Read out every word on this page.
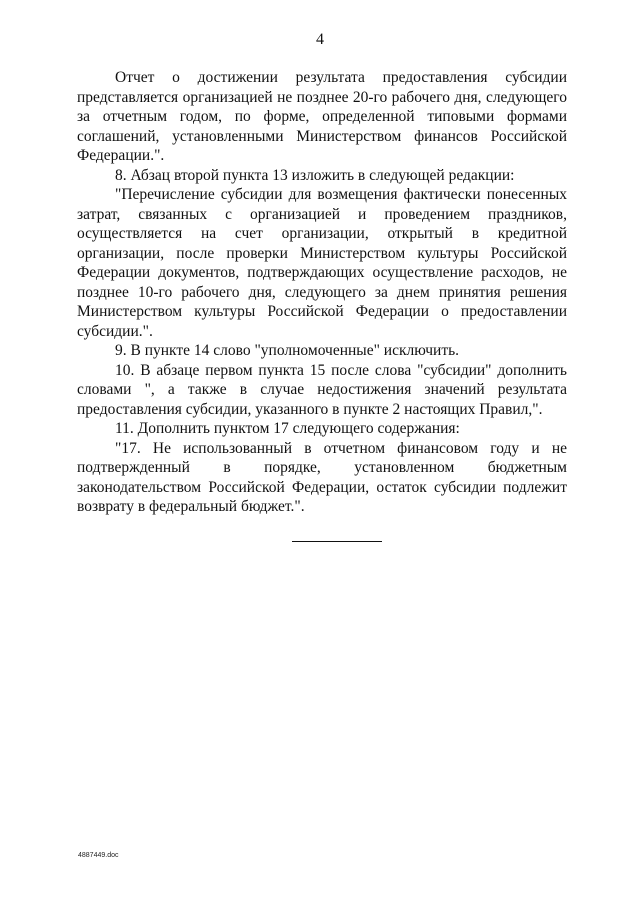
4

Отчет о достижении результата предоставления субсидии представляется организацией не позднее 20-го рабочего дня, следующего за отчетным годом, по форме, определенной типовыми формами соглашений, установленными Министерством финансов Российской Федерации.".

8. Абзац второй пункта 13 изложить в следующей редакции:

"Перечисление субсидии для возмещения фактически понесенных затрат, связанных с организацией и проведением праздников, осуществляется на счет организации, открытый в кредитной организации, после проверки Министерством культуры Российской Федерации документов, подтверждающих осуществление расходов, не позднее 10-го рабочего дня, следующего за днем принятия решения Министерством культуры Российской Федерации о предоставлении субсидии.".

9. В пункте 14 слово "уполномоченные" исключить.

10. В абзаце первом пункта 15 после слова "субсидии" дополнить словами ", а также в случае недостижения значений результата предоставления субсидии, указанного в пункте 2 настоящих Правил,".

11. Дополнить пунктом 17 следующего содержания:

"17. Не использованный в отчетном финансовом году и не подтвержденный в порядке, установленном бюджетным законодательством Российской Федерации, остаток субсидии подлежит возврату в федеральный бюджет.".

4887449.doc
